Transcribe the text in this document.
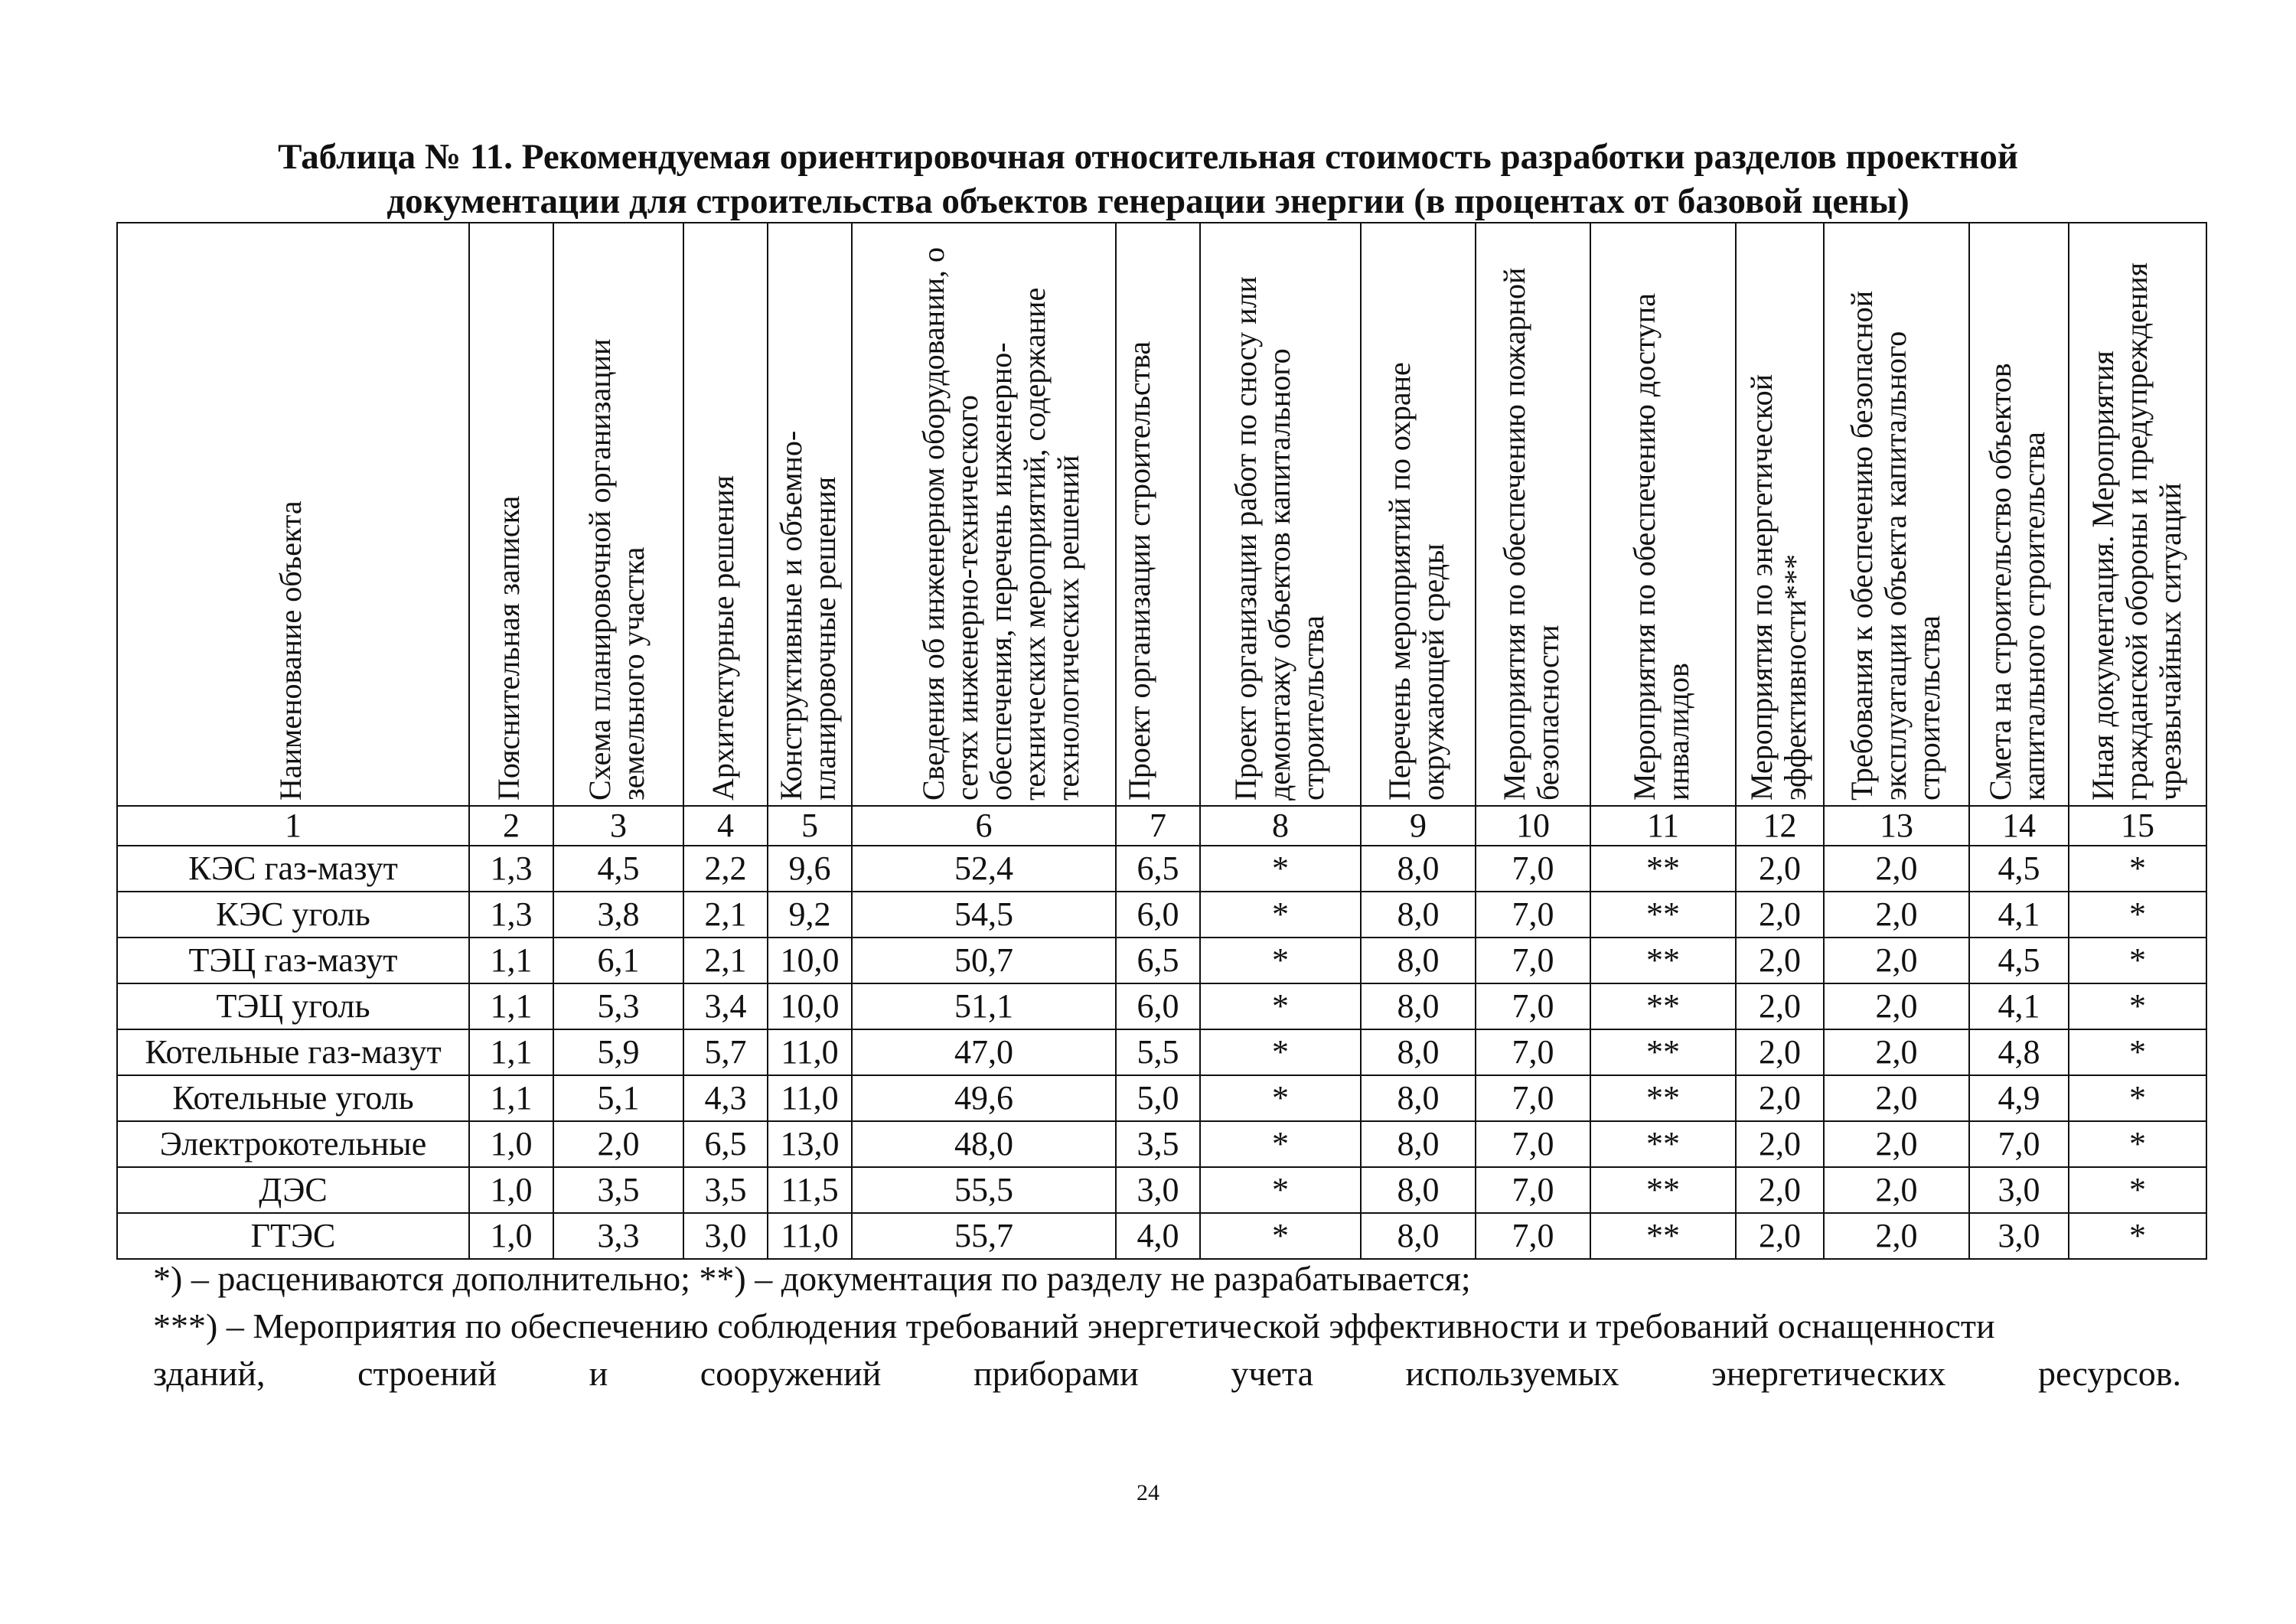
Таблица № 11. Рекомендуемая ориентировочная относительная стоимость разработки разделов проектной
документации для строительства объектов генерации энергии (в процентах от базовой цены)
Наименование объекта	Пояснительная записка	Схема планировочной организации земельного участка	Архитектурные решения	Конструктивные и объемно-планировочные решения	Сведения об инженерном оборудовании, о сетях инженерно-технического обеспечения, перечень инженерно-технических мероприятий, содержание технологических решений	Проект организации строительства	Проект организации работ по сносу или демонтажу объектов капитального строительства	Перечень мероприятий по охране окружающей среды	Мероприятия по обеспечению пожарной безопасности	Мероприятия по обеспечению доступа инвалидов	Мероприятия по энергетической эффективности***	Требования к обеспечению безопасной эксплуатации объекта капитального строительства	Смета на строительство объектов капитального строительства	Иная документация. Мероприятия гражданской обороны и предупреждения чрезвычайных ситуаций

1	2	3	4	5	6	7	8	9	10	11	12	13	14	15
КЭС газ-мазут	1,3	4,5	2,2	9,6	52,4	6,5	*	8,0	7,0	**	2,0	2,0	4,5	*
КЭС уголь	1,3	3,8	2,1	9,2	54,5	6,0	*	8,0	7,0	**	2,0	2,0	4,1	*
ТЭЦ газ-мазут	1,1	6,1	2,1	10,0	50,7	6,5	*	8,0	7,0	**	2,0	2,0	4,5	*
ТЭЦ уголь	1,1	5,3	3,4	10,0	51,1	6,0	*	8,0	7,0	**	2,0	2,0	4,1	*
Котельные газ-мазут	1,1	5,9	5,7	11,0	47,0	5,5	*	8,0	7,0	**	2,0	2,0	4,8	*
Котельные уголь	1,1	5,1	4,3	11,0	49,6	5,0	*	8,0	7,0	**	2,0	2,0	4,9	*
Электрокотельные	1,0	2,0	6,5	13,0	48,0	3,5	*	8,0	7,0	**	2,0	2,0	7,0	*
ДЭС	1,0	3,5	3,5	11,5	55,5	3,0	*	8,0	7,0	**	2,0	2,0	3,0	*
ГТЭС	1,0	3,3	3,0	11,0	55,7	4,0	*	8,0	7,0	**	2,0	2,0	3,0	*
*) – расцениваются дополнительно; **) – документация по разделу не разрабатывается;
***) – Мероприятия по обеспечению соблюдения требований энергетической эффективности и требований оснащенности
зданий, строений и сооружений приборами учета используемых энергетических ресурсов.
24
